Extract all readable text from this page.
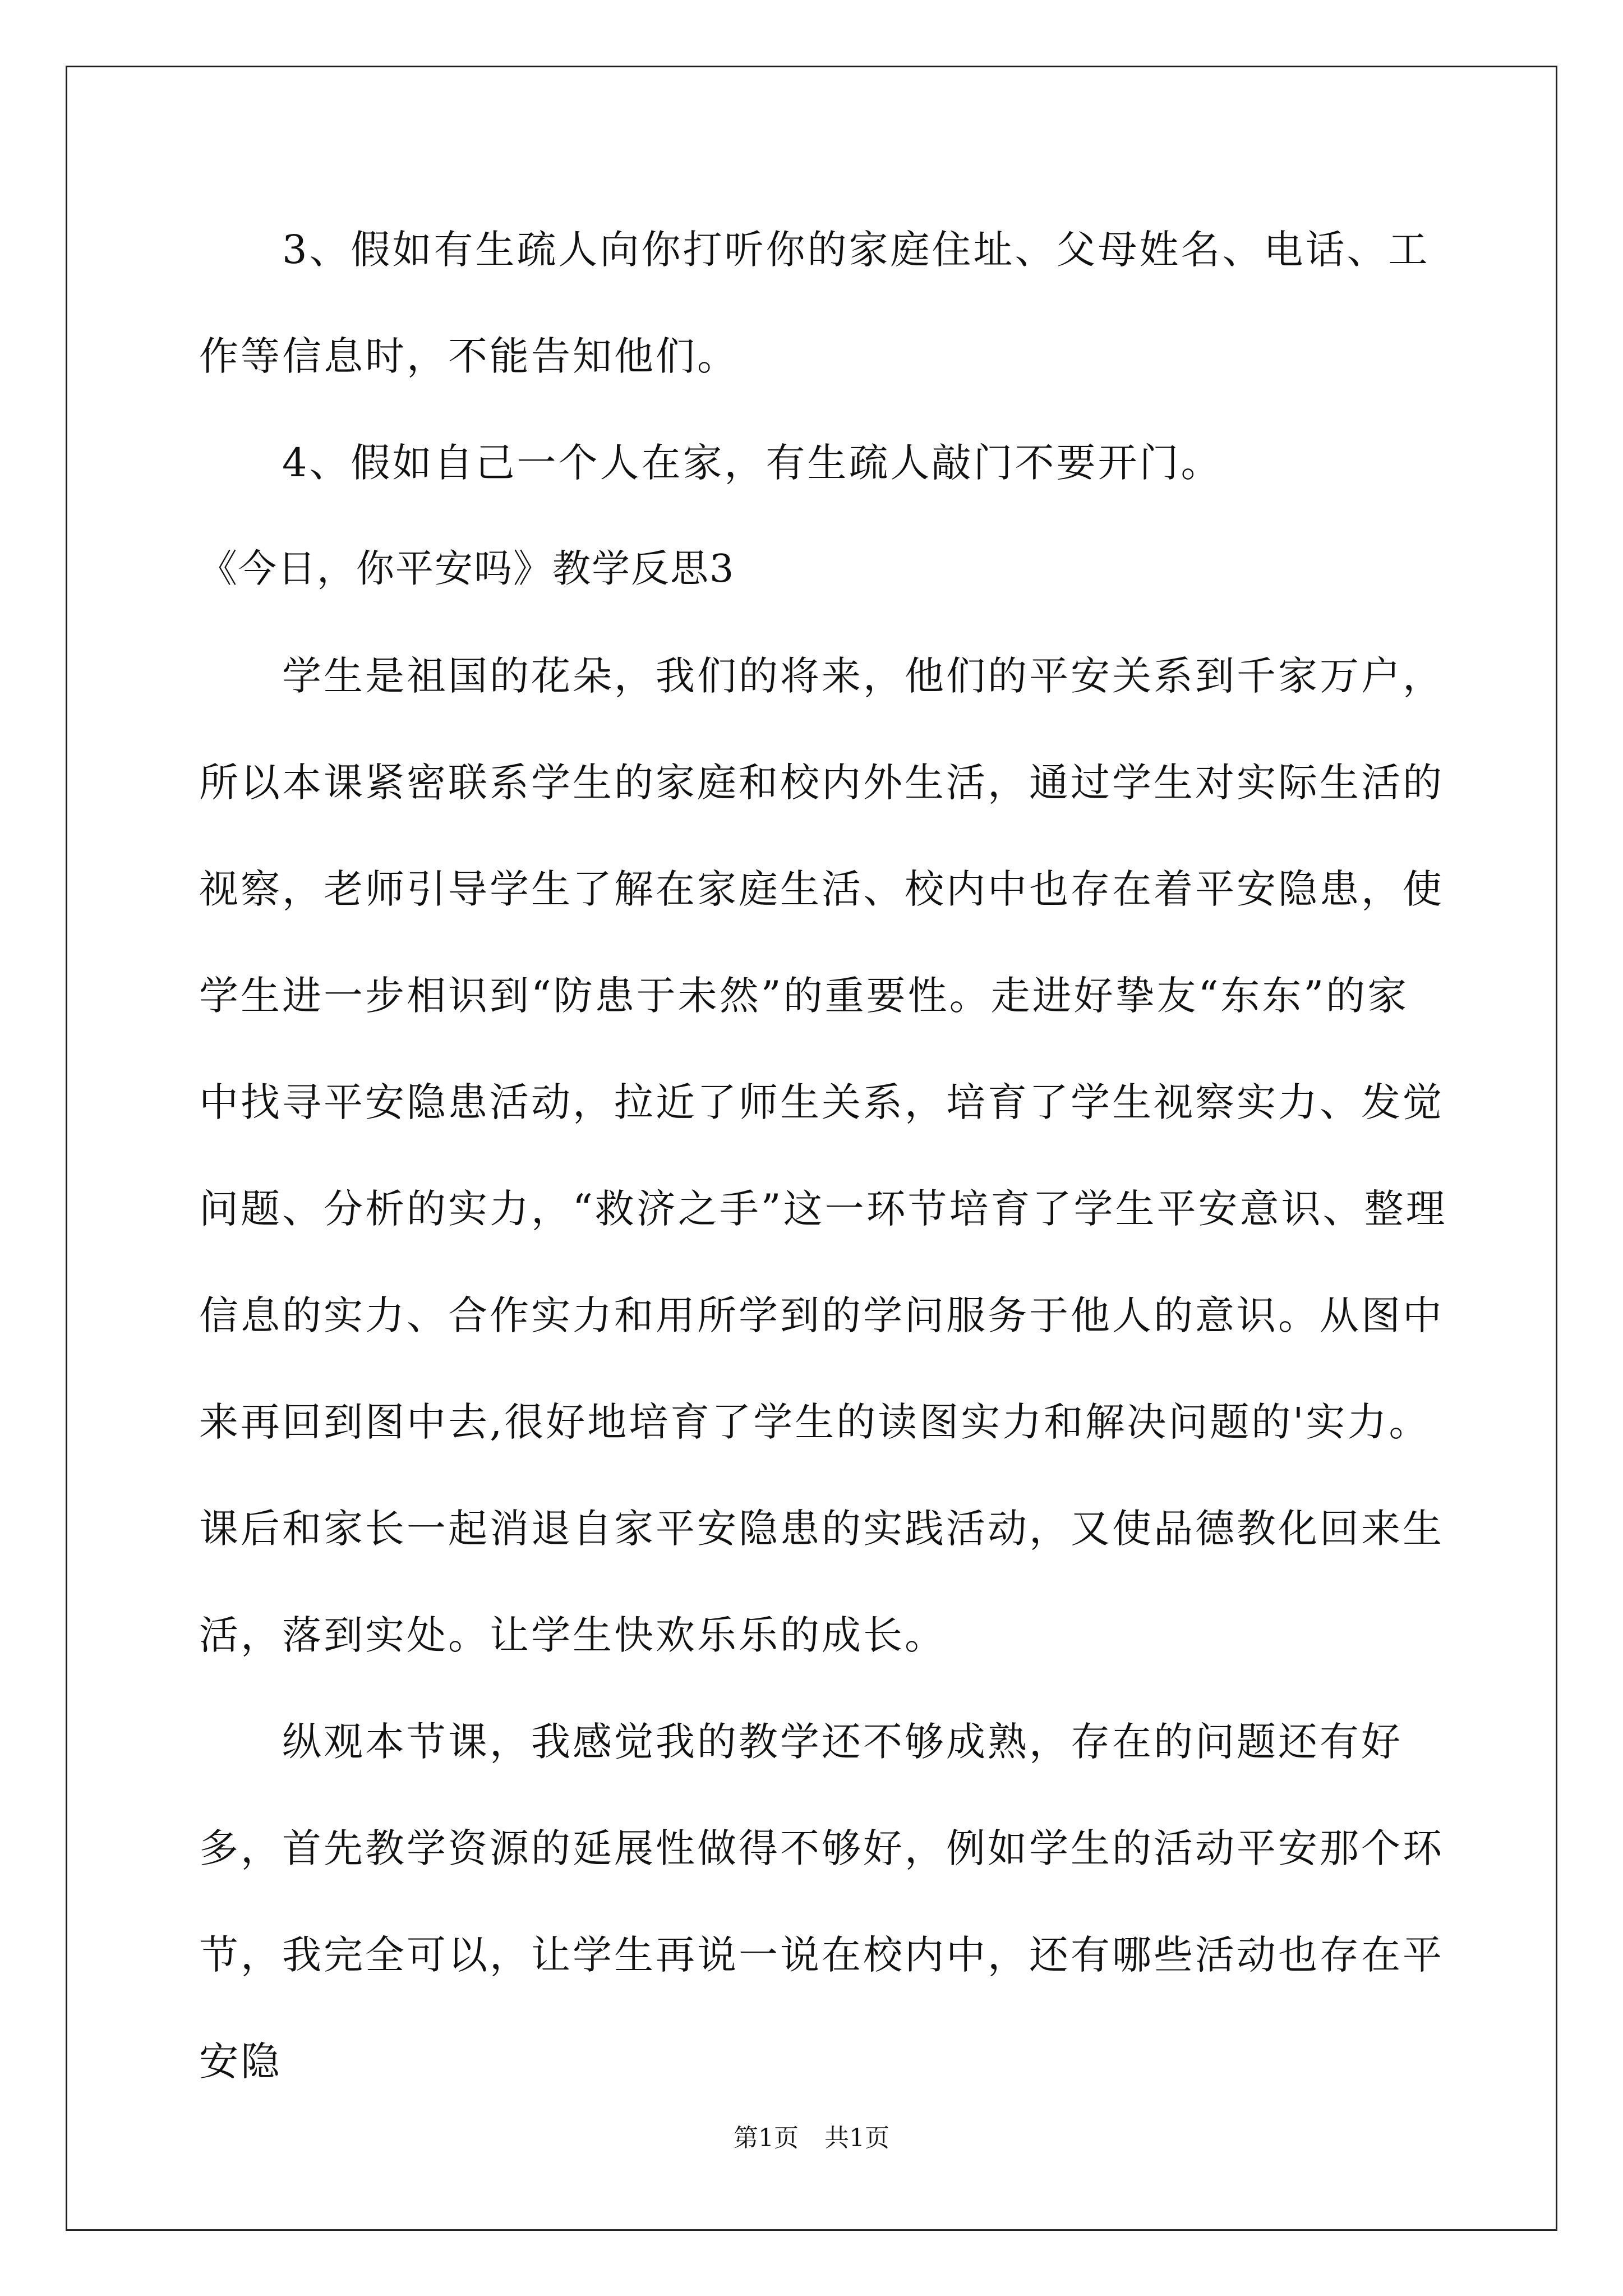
3、假如有生疏人向你打听你的家庭住址、父母姓名、电话、工作等信息时，不能告知他们。

4、假如自己一个人在家，有生疏人敲门不要开门。

《今日，你平安吗》教学反思3

学生是祖国的花朵，我们的将来，他们的平安关系到千家万户，所以本课紧密联系学生的家庭和校内外生活，通过学生对实际生活的视察，老师引导学生了解在家庭生活、校内中也存在着平安隐患，使学生进一步相识到“防患于未然”的重要性。走进好挚友“东东”的家中找寻平安隐患活动，拉近了师生关系，培育了学生视察实力、发觉问题、分析的实力，“救济之手”这一环节培育了学生平安意识、整理信息的实力、合作实力和用所学到的学问服务于他人的意识。从图中来再回到图中去,很好地培育了学生的读图实力和解决问题的'实力。课后和家长一起消退自家平安隐患的实践活动，又使品德教化回来生活，落到实处。让学生快欢乐乐的成长。

纵观本节课，我感觉我的教学还不够成熟，存在的问题还有好多，首先教学资源的延展性做得不够好，例如学生的活动平安那个环节，我完全可以，让学生再说一说在校内中，还有哪些活动也存在平安隐

第1页 共1页
